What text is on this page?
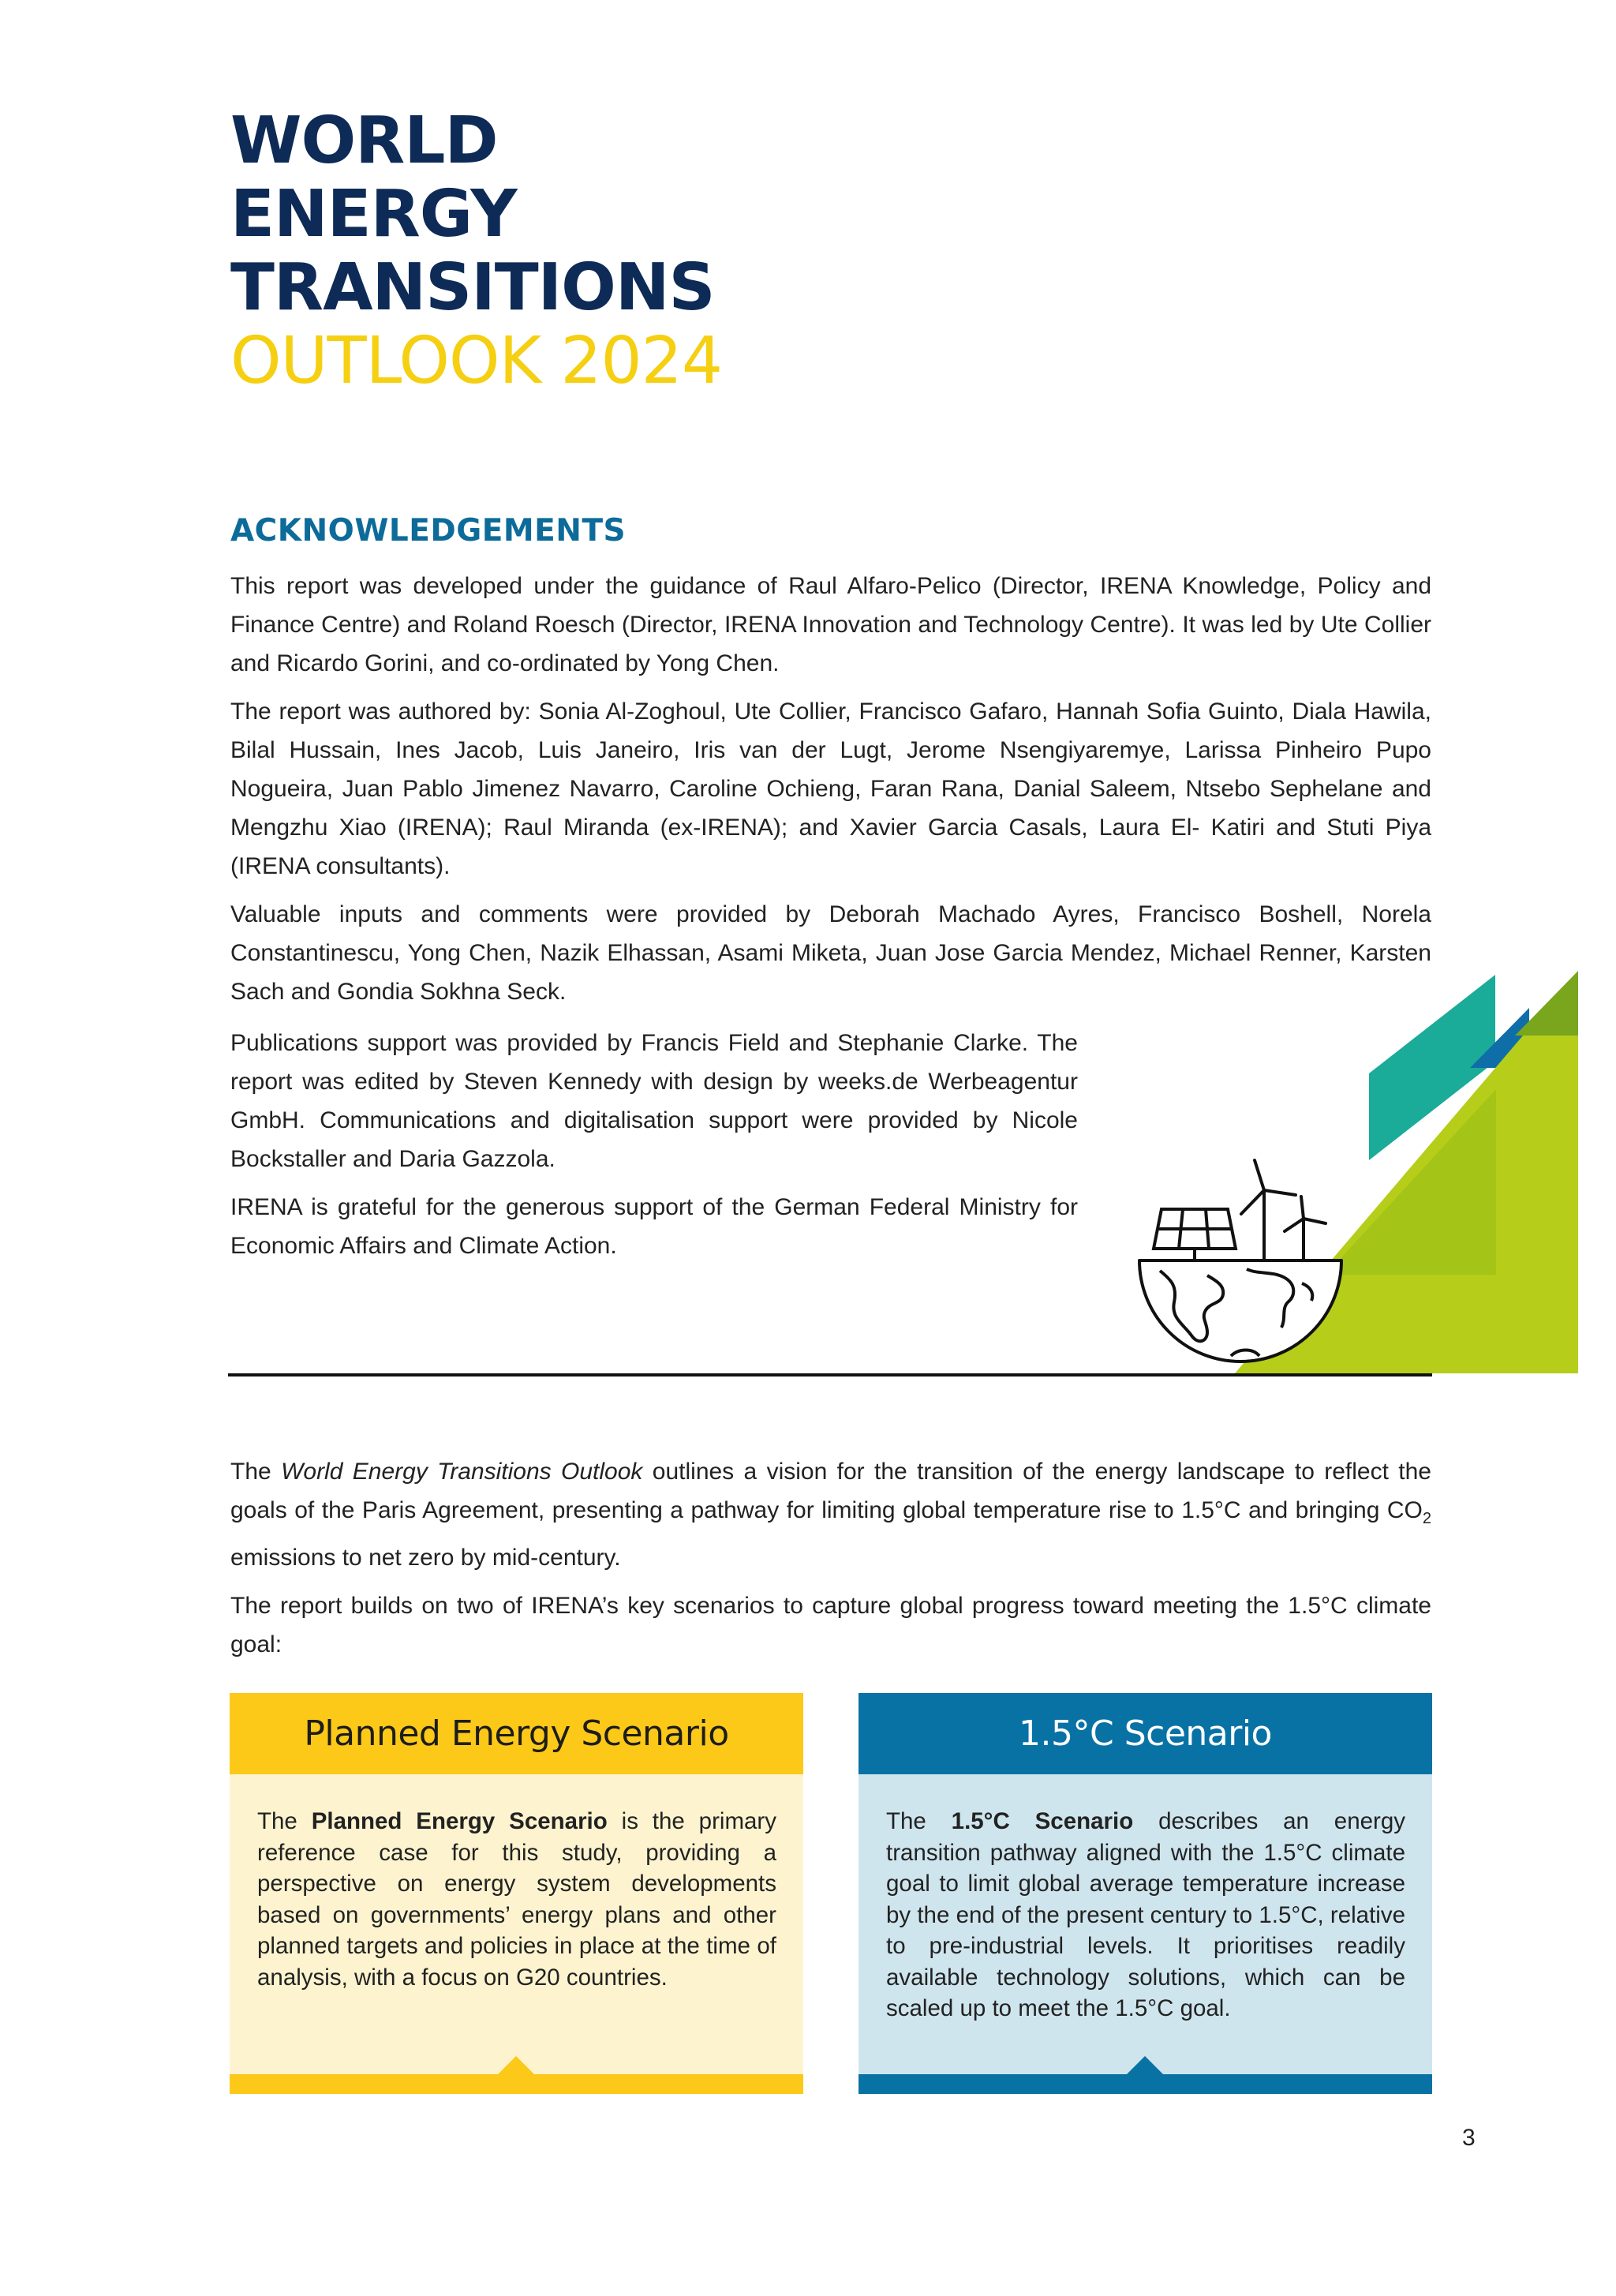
WORLD
ENERGY
TRANSITIONS
OUTLOOK 2024
ACKNOWLEDGEMENTS

This report was developed under the guidance of Raul Alfaro-Pelico (Director, IRENA Knowledge, Policy and Finance Centre) and Roland Roesch (Director, IRENA Innovation and Technology Centre). It was led by Ute Collier and Ricardo Gorini, and co-ordinated by Yong Chen.

The report was authored by: Sonia Al-Zoghoul, Ute Collier, Francisco Gafaro, Hannah Sofia Guinto, Diala Hawila, Bilal Hussain, Ines Jacob, Luis Janeiro, Iris van der Lugt, Jerome Nsengiyaremye, Larissa Pinheiro Pupo Nogueira, Juan Pablo Jimenez Navarro, Caroline Ochieng, Faran Rana, Danial Saleem, Ntsebo Sephelane and Mengzhu Xiao (IRENA); Raul Miranda (ex-IRENA); and Xavier Garcia Casals, Laura El- Katiri and Stuti Piya (IRENA consultants).

Valuable inputs and comments were provided by Deborah Machado Ayres, Francisco Boshell, Norela Constantinescu, Yong Chen, Nazik Elhassan, Asami Miketa, Juan Jose Garcia Mendez, Michael Renner, Karsten Sach and Gondia Sokhna Seck.

Publications support was provided by Francis Field and Stephanie Clarke. The report was edited by Steven Kennedy with design by weeks.de Werbeagentur GmbH. Communications and digitalisation support were provided by Nicole Bockstaller and Daria Gazzola.

IRENA is grateful for the generous support of the German Federal Ministry for Economic Affairs and Climate Action.

The World Energy Transitions Outlook outlines a vision for the transition of the energy landscape to reflect the goals of the Paris Agreement, presenting a pathway for limiting global temperature rise to 1.5°C and bringing $CO_2$ emissions to net zero by mid-century.

The report builds on two of IRENA’s key scenarios to capture global progress toward meeting the 1.5°C climate goal:

Planned Energy Scenario

The Planned Energy Scenario is the primary reference case for this study, providing a perspective on energy system developments based on governments’ energy plans and other planned targets and policies in place at the time of analysis, with a focus on G20 countries.

1.5°C Scenario

The 1.5°C Scenario describes an energy transition pathway aligned with the 1.5°C climate goal to limit global average temperature increase by the end of the present century to 1.5°C, relative to pre-industrial levels. It prioritises readily available technology solutions, which can be scaled up to meet the 1.5°C goal.

3
